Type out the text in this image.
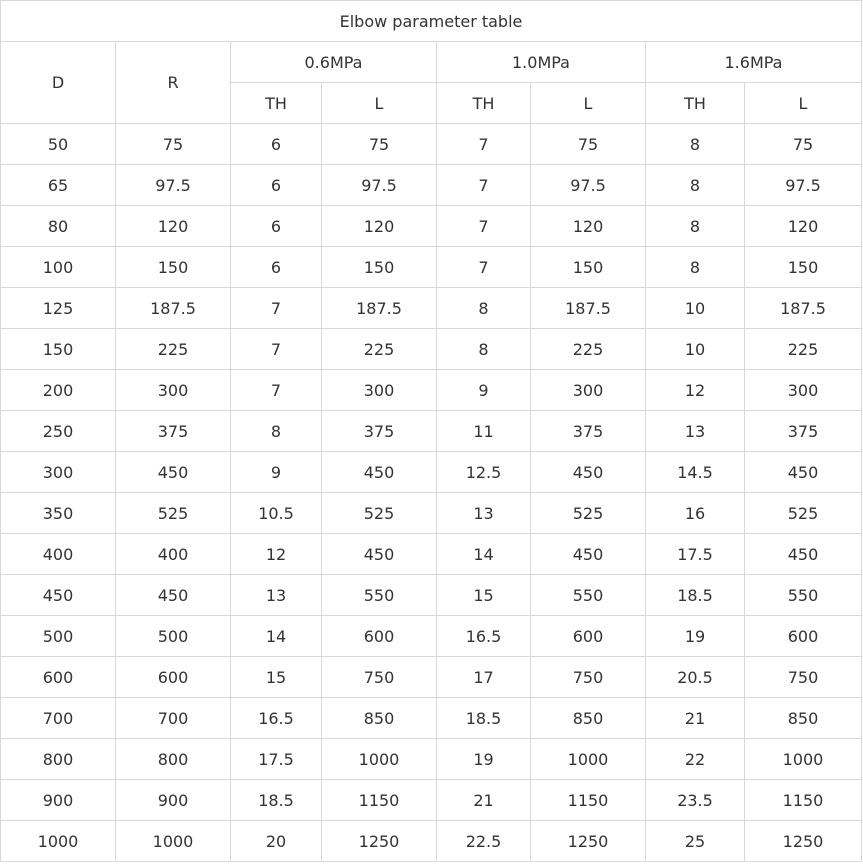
Elbow parameter table							
D	R	0.6MPa		1.0MPa		1.6MPa	
		TH	L	TH	L	TH	L
50	75	6	75	7	75	8	75
65	97.5	6	97.5	7	97.5	8	97.5
80	120	6	120	7	120	8	120
100	150	6	150	7	150	8	150
125	187.5	7	187.5	8	187.5	10	187.5
150	225	7	225	8	225	10	225
200	300	7	300	9	300	12	300
250	375	8	375	11	375	13	375
300	450	9	450	12.5	450	14.5	450
350	525	10.5	525	13	525	16	525
400	400	12	450	14	450	17.5	450
450	450	13	550	15	550	18.5	550
500	500	14	600	16.5	600	19	600
600	600	15	750	17	750	20.5	750
700	700	16.5	850	18.5	850	21	850
800	800	17.5	1000	19	1000	22	1000
900	900	18.5	1150	21	1150	23.5	1150
1000	1000	20	1250	22.5	1250	25	1250
